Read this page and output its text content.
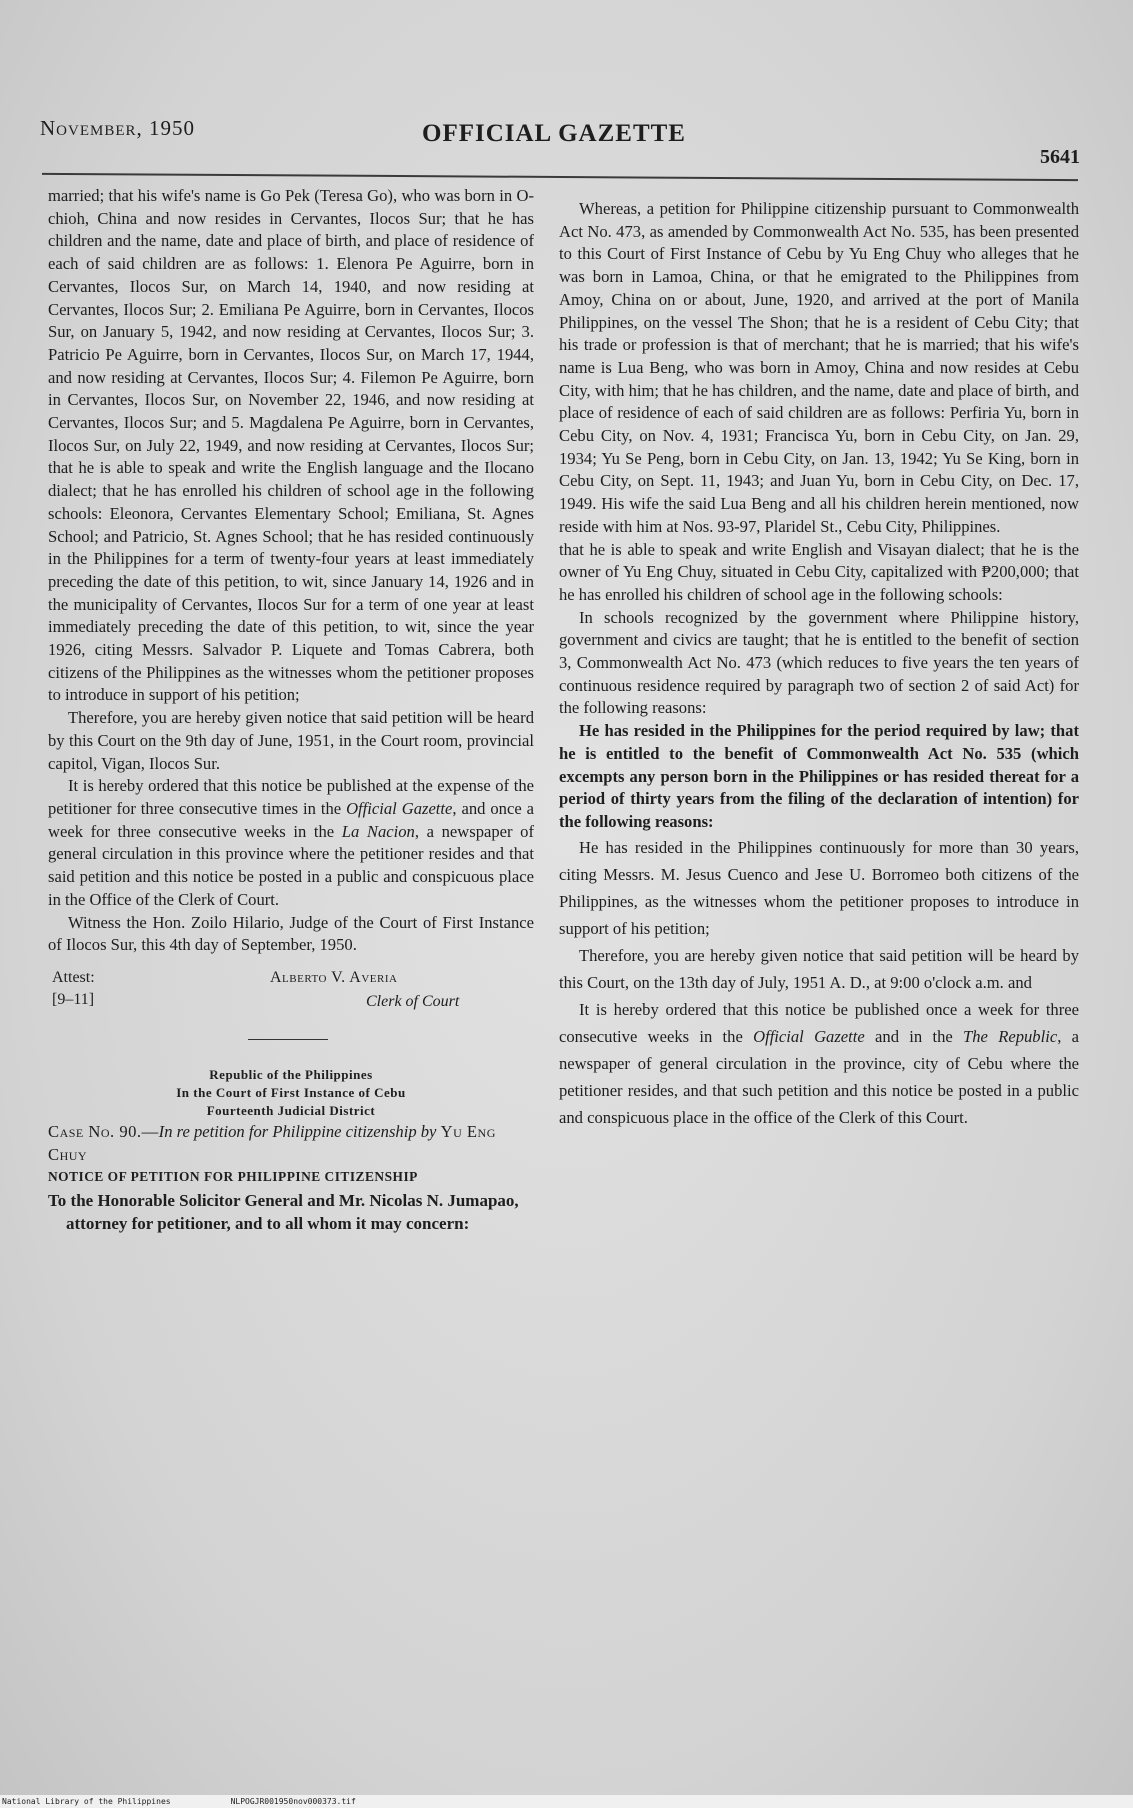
November, 1950	OFFICIAL GAZETTE
5641

married; that his wife's name is Go Pek (Teresa Go), who was born in O-chioh, China and now resides in Cervantes, Ilocos Sur; that he has children and the name, date and place of birth, and place of residence of each of said children are as follows: 1. Elenora Pe Aguirre, born in Cervantes, Ilocos Sur, on March 14, 1940, and now residing at Cervantes, Ilocos Sur; 2. Emiliana Pe Aguirre, born in Cervantes, Ilocos Sur, on January 5, 1942, and now residing at Cervantes, Ilocos Sur; 3. Patricio Pe Aguirre, born in Cervantes, Ilocos Sur, on March 17, 1944, and now residing at Cervantes, Ilocos Sur; 4. Filemon Pe Aguirre, born in Cervantes, Ilocos Sur, on November 22, 1946, and now residing at Cervantes, Ilocos Sur; and 5. Magdalena Pe Aguirre, born in Cervantes, Ilocos Sur, on July 22, 1949, and now residing at Cervantes, Ilocos Sur; that he is able to speak and write the English language and the Ilocano dialect; that he has enrolled his children of school age in the following schools: Eleonora, Cervantes Elementary School; Emiliana, St. Agnes School; and Patricio, St. Agnes School; that he has resided continuously in the Philippines for a term of twenty-four years at least immediately preceding the date of this petition, to wit, since January 14, 1926 and in the municipality of Cervantes, Ilocos Sur for a term of one year at least immediately preceding the date of this petition, to wit, since the year 1926, citing Messrs. Salvador P. Liquete and Tomas Cabrera, both citizens of the Philippines as the witnesses whom the petitioner proposes to introduce in support of his petition;

Therefore, you are hereby given notice that said petition will be heard by this Court on the 9th day of June, 1951, in the Court room, provincial capitol, Vigan, Ilocos Sur.

It is hereby ordered that this notice be published at the expense of the petitioner for three consecutive times in the Official Gazette, and once a week for three consecutive weeks in the La Nacion, a newspaper of general circulation in this province where the petitioner resides and that said petition and this notice be posted in a public and conspicuous place in the Office of the Clerk of Court.

Witness the Hon. Zoilo Hilario, Judge of the Court of First Instance of Ilocos Sur, this 4th day of September, 1950.

Attest:
[9–11]
Alberto V. Averia
Clerk of Court
Republic of the Philippines
In the Court of First Instance of Cebu
Fourteenth Judicial District

Case No. 90.—In re petition for Philippine citizenship by Yu Eng Chuy

NOTICE OF PETITION FOR PHILIPPINE CITIZENSHIP

To the Honorable Solicitor General and Mr. Nicolas N. Jumapao, attorney for petitioner, and to all whom it may concern:

Whereas, a petition for Philippine citizenship pursuant to Commonwealth Act No. 473, as amended by Commonwealth Act No. 535, has been presented to this Court of First Instance of Cebu by Yu Eng Chuy who alleges that he was born in Lamoa, China, or that he emigrated to the Philippines from Amoy, China on or about, June, 1920, and arrived at the port of Manila Philippines, on the vessel The Shon; that he is a resident of Cebu City; that his trade or profession is that of merchant; that he is married; that his wife's name is Lua Beng, who was born in Amoy, China and now resides at Cebu City, with him; that he has children, and the name, date and place of birth, and place of residence of each of said children are as follows: Perfiria Yu, born in Cebu City, on Nov. 4, 1931; Francisca Yu, born in Cebu City, on Jan. 29, 1934; Yu Se Peng, born in Cebu City, on Jan. 13, 1942; Yu Se King, born in Cebu City, on Sept. 11, 1943; and Juan Yu, born in Cebu City, on Dec. 17, 1949. His wife the said Lua Beng and all his children herein mentioned, now reside with him at Nos. 93-97, Plaridel St., Cebu City, Philippines.

that he is able to speak and write English and Visayan dialect; that he is the owner of Yu Eng Chuy, situated in Cebu City, capitalized with ₱200,000; that he has enrolled his children of school age in the following schools:

In schools recognized by the government where Philippine history, government and civics are taught; that he is entitled to the benefit of section 3, Commonwealth Act No. 473 (which reduces to five years the ten years of continuous residence required by paragraph two of section 2 of said Act) for the following reasons:

He has resided in the Philippines for the period required by law; that he is entitled to the benefit of Commonwealth Act No. 535 (which excempts any person born in the Philippines or has resided thereat for a period of thirty years from the filing of the declaration of intention) for the following reasons:

He has resided in the Philippines continuously for more than 30 years, citing Messrs. M. Jesus Cuenco and Jese U. Borromeo both citizens of the Philippines, as the witnesses whom the petitioner proposes to introduce in support of his petition;

Therefore, you are hereby given notice that said petition will be heard by this Court, on the 13th day of July, 1951 A. D., at 9:00 o'clock a.m. and

It is hereby ordered that this notice be published once a week for three consecutive weeks in the Official Gazette and in the The Republic, a newspaper of general circulation in the province, city of Cebu where the petitioner resides, and that such petition and this notice be posted in a public and conspicuous place in the office of the Clerk of this Court.

National Library of the Philippines	NLPOGJR001950nov000373.tif
